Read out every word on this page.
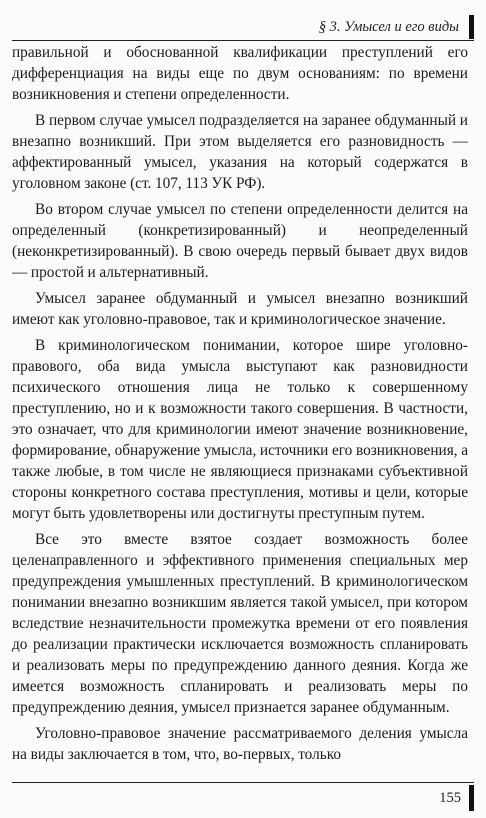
§ 3. Умысел и его виды

правильной и обоснованной квалификации преступлений его дифференциация на виды еще по двум основаниям: по времени возникновения и степени определенности.

В первом случае умысел подразделяется на заранее обдуманный и внезапно возникший. При этом выделяется его разновидность — аффектированный умысел, указания на который содержатся в уголовном законе (ст. 107, 113 УК РФ).

Во втором случае умысел по степени определенности делится на определенный (конкретизированный) и неопределенный (неконкретизированный). В свою очередь первый бывает двух видов — простой и альтернативный.

Умысел заранее обдуманный и умысел внезапно возникший имеют как уголовно-правовое, так и криминологическое значение.

В криминологическом понимании, которое шире уголовно-правового, оба вида умысла выступают как разновидности психического отношения лица не только к совершенному преступлению, но и к возможности такого совершения. В частности, это означает, что для криминологии имеют значение возникновение, формирование, обнаружение умысла, источники его возникновения, а также любые, в том числе не являющиеся признаками субъективной стороны конкретного состава преступления, мотивы и цели, которые могут быть удовлетворены или достигнуты преступным путем.

Все это вместе взятое создает возможность более целенаправленного и эффективного применения специальных мер предупреждения умышленных преступлений. В криминологическом понимании внезапно возникшим является такой умысел, при котором вследствие незначительности промежутка времени от его появления до реализации практически исключается возможность спланировать и реализовать меры по предупреждению данного деяния. Когда же имеется возможность спланировать и реализовать меры по предупреждению деяния, умысел признается заранее обдуманным.

Уголовно-правовое значение рассматриваемого деления умысла на виды заключается в том, что, во-первых, только

155
